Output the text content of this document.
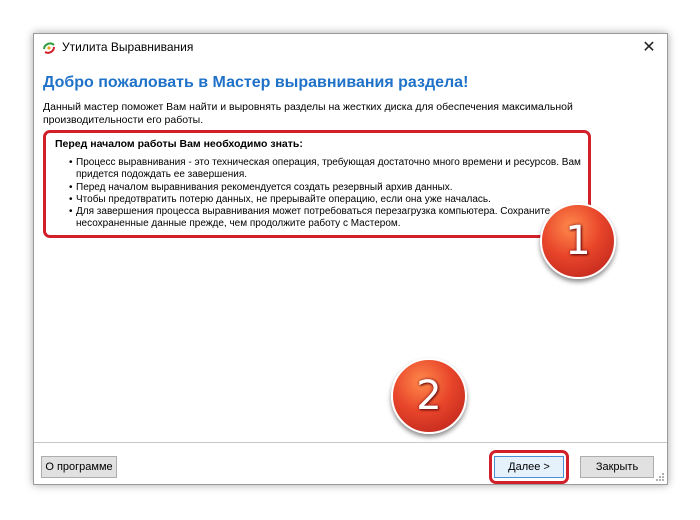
Утилита Выравнивания	✕
Добро пожаловать в Мастер выравнивания раздела!
Данный мастер поможет Вам найти и выровнять разделы на жестких диска для обеспечения максимальной производительности его работы.
Перед началом работы Вам необходимо знать:
• Процесс выравнивания - это техническая операция, требующая достаточно много времени и ресурсов. Вам придется подождать ее завершения.
• Перед началом выравнивания рекомендуется создать резервный архив данных.
• Чтобы предотвратить потерю данных, не прерывайте операцию, если она уже началась.
• Для завершения процесса выравнивания может потребоваться перезагрузка компьютера. Сохраните несохраненные данные прежде, чем продолжите работу с Мастером.
О программе	Далее >	Закрыть
1
2
